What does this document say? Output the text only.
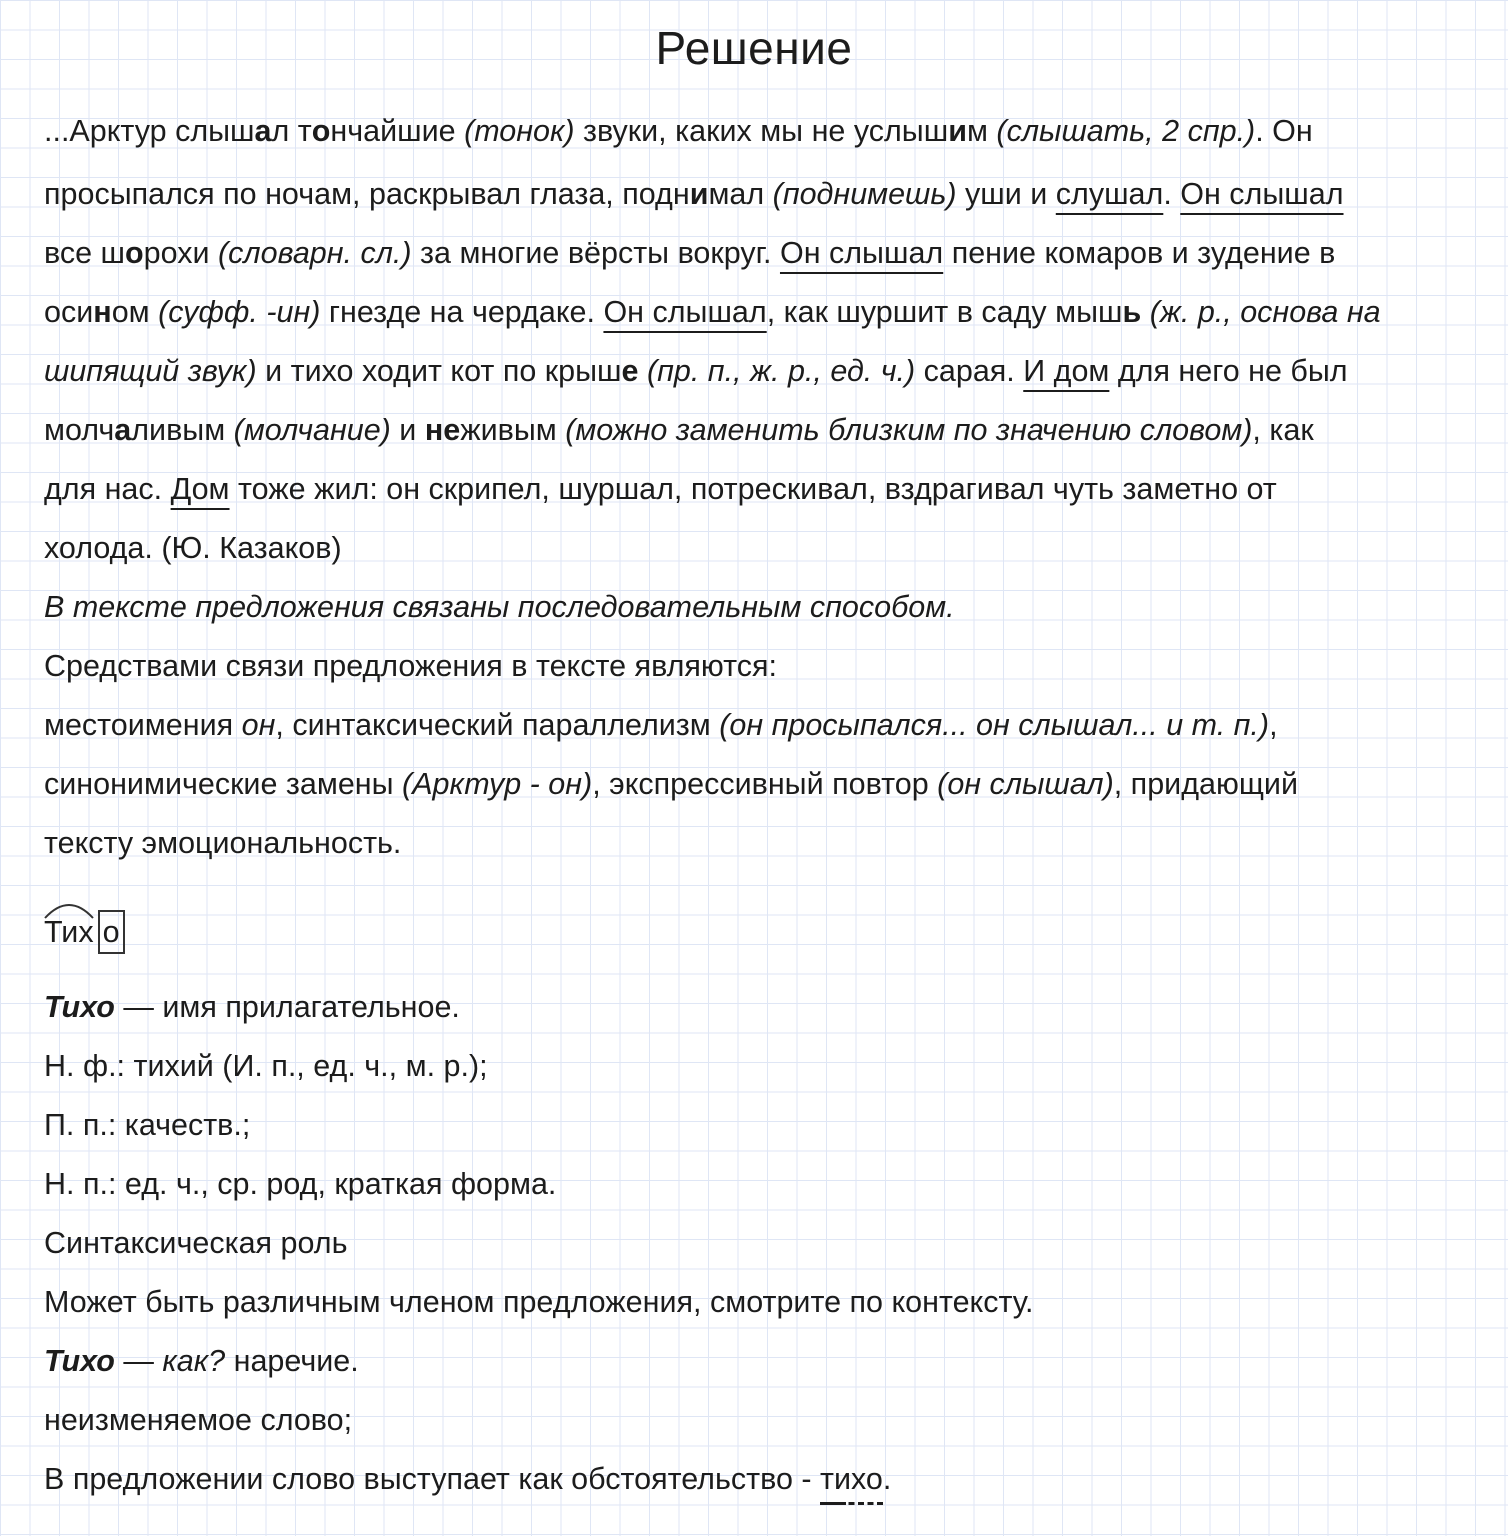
Решение
...Арктур слышал тончайшие (тонок) звуки, каких мы не услышим (слышать, 2 спр.). Он
просыпался по ночам, раскрывал глаза, поднимал (поднимешь) уши и слушал. Он слышал
все шорохи (словарн. сл.) за многие вёрсты вокруг. Он слышал пение комаров и зудение в
осином (суфф. -ин) гнезде на чердаке. Он слышал, как шуршит в саду мышь (ж. р., основа на
шипящий звук) и тихо ходит кот по крыше (пр. п., ж. р., ед. ч.) сарая. И дом для него не был
молчаливым (молчание) и неживым (можно заменить близким по значению словом), как
для нас. Дом тоже жил: он скрипел, шуршал, потрескивал, вздрагивал чуть заметно от
холода. (Ю. Казаков)
В тексте предложения связаны последовательным способом.
Средствами связи предложения в тексте являются:
местоимения он, синтаксический параллелизм (он просыпался... он слышал... и т. п.),
синонимические замены (Арктур - он), экспрессивный повтор (он слышал), придающий
тексту эмоциональность.
Тих о
Тихо — имя прилагательное.
Н. ф.: тихий (И. п., ед. ч., м. р.);
П. п.: качеств.;
Н. п.: ед. ч., ср. род, краткая форма.
Синтаксическая роль
Может быть различным членом предложения, смотрите по контексту.
Тихо — как? наречие.
неизменяемое слово;
В предложении слово выступает как обстоятельство - тихо.
